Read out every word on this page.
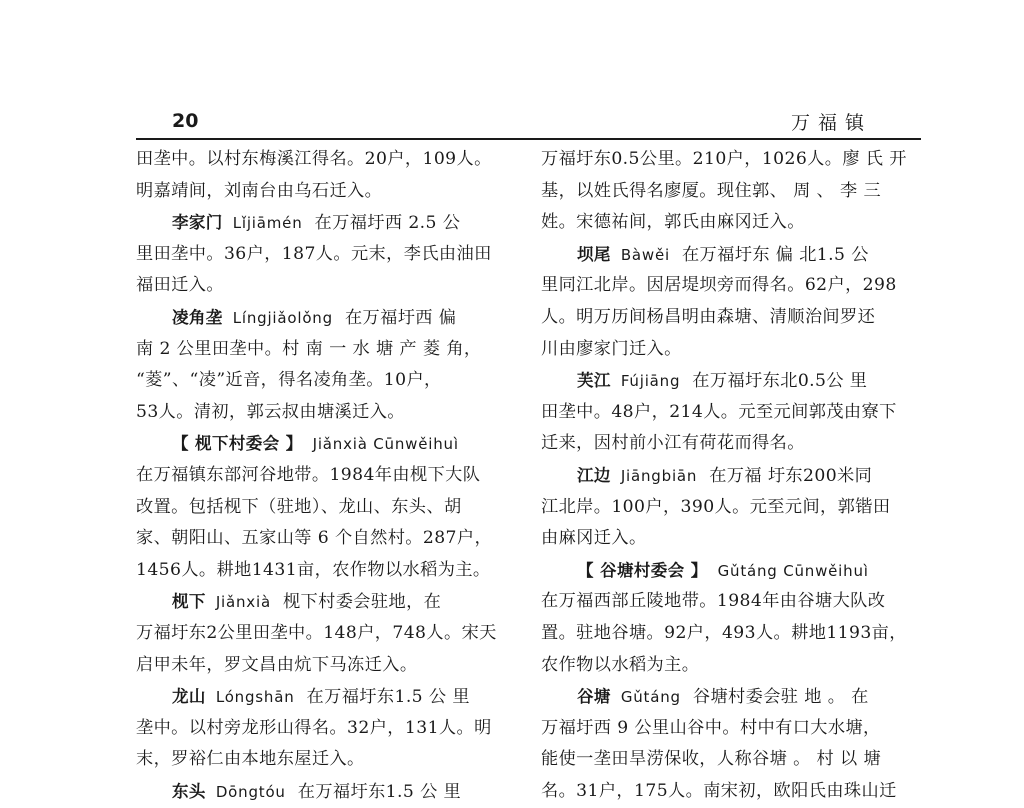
20	万福镇
田垄中。以村东梅溪江得名。20户，109人。
明嘉靖间，刘南台由乌石迁入。
李家门 Lǐjiāmén 在万福圩西 2.5 公
里田垄中。36户，187人。元末，李氏由油田
福田迁入。
凌角垄 Língjiǎolǒng 在万福圩西 偏
南 2 公里田垄中。村 南 一 水 塘 产 菱 角，
“菱”、“凌”近音，得名凌角垄。10户，
53人。清初，郭云叔由塘溪迁入。
【 枧下村委会 】 Jiǎnxià Cūnwěihuì
在万福镇东部河谷地带。1984年由枧下大队
改置。包括枧下（驻地）、龙山、东头、胡
家、朝阳山、五家山等 6 个自然村。287户，
1456人。耕地1431亩，农作物以水稻为主。
枧下 Jiǎnxià 枧下村委会驻地，在
万福圩东2公里田垄中。148户，748人。宋天
启甲未年，罗文昌由炕下马冻迁入。
龙山 Lóngshān 在万福圩东1.5 公 里
垄中。以村旁龙形山得名。32户，131人。明
末，罗裕仁由本地东屋迁入。
东头 Dōngtóu 在万福圩东1.5 公 里
万福圩东0.5公里。210户，1026人。廖 氏 开
基，以姓氏得名廖厦。现住郭、 周 、 李 三
姓。宋德祐间，郭氏由麻冈迁入。
坝尾 Bàwěi 在万福圩东 偏 北1.5 公
里同江北岸。因居堤坝旁而得名。62户，298
人。明万历间杨昌明由森塘、清顺治间罗还
川由廖家门迁入。
芙江 Fújiāng 在万福圩东北0.5公 里
田垄中。48户，214人。元至元间郭茂由寮下
迁来，因村前小江有荷花而得名。
江边 Jiāngbiān 在万福 圩东200米同
江北岸。100户，390人。元至元间，郭锴田
由麻冈迁入。
【 谷塘村委会 】 Gǔtáng Cūnwěihuì
在万福西部丘陵地带。1984年由谷塘大队改
置。驻地谷塘。92户，493人。耕地1193亩，
农作物以水稻为主。
谷塘 Gǔtáng 谷塘村委会驻 地 。 在
万福圩西 9 公里山谷中。村中有口大水塘，
能使一垄田旱涝保收，人称谷塘 。 村 以 塘
名。31户，175人。南宋初，欧阳氏由珠山迁
